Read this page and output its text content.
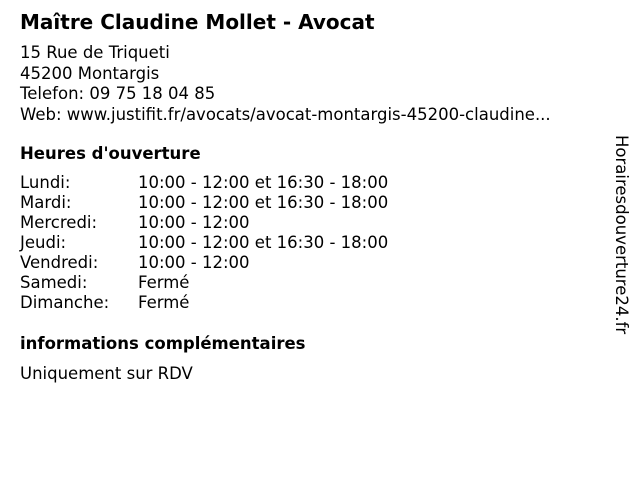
Maître Claudine Mollet - Avocat
15 Rue de Triqueti
45200 Montargis
Telefon: 09 75 18 04 85
Web: www.justifit.fr/avocats/avocat-montargis-45200-claudine...
Heures d'ouverture
Lundi:	10:00 - 12:00 et 16:30 - 18:00
Mardi:	10:00 - 12:00 et 16:30 - 18:00
Mercredi: 10:00 - 12:00
Jeudi:	10:00 - 12:00 et 16:30 - 18:00
Vendredi: 10:00 - 12:00
Samedi:	Fermé
Dimanche: Fermé
informations complémentaires
Uniquement sur RDV
Horairesdouverture24.fr
